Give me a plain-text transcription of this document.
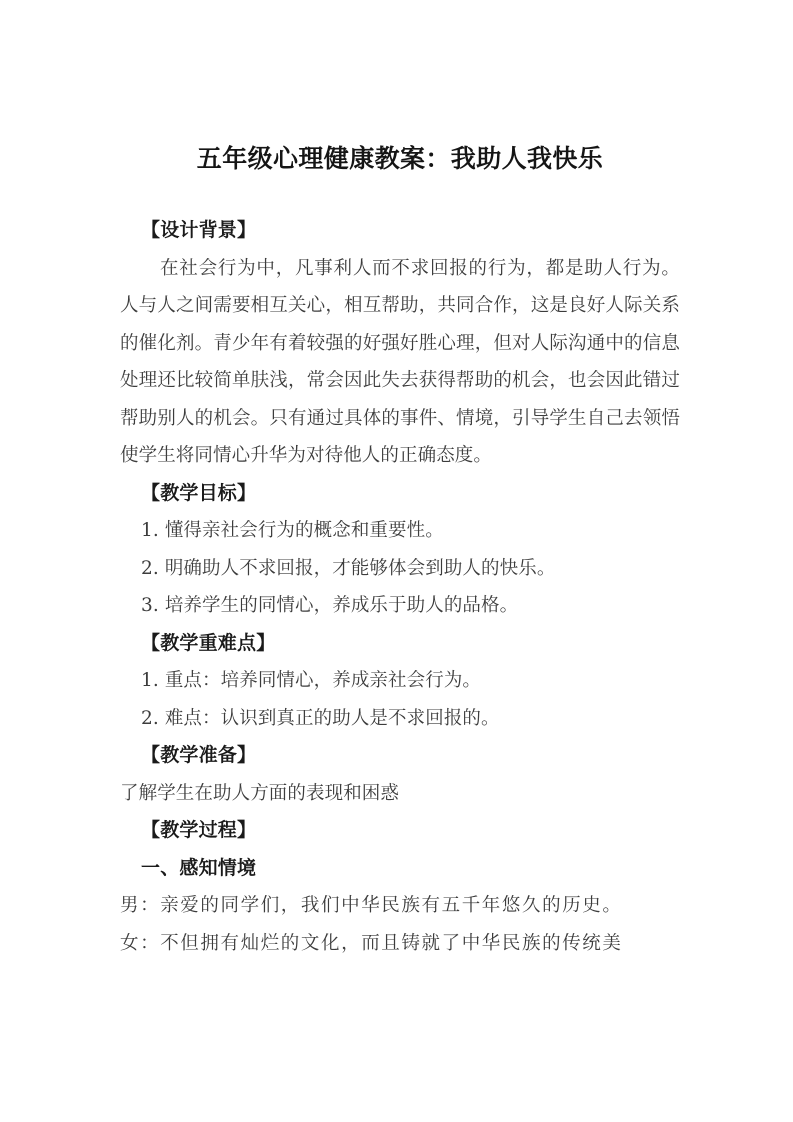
五年级心理健康教案：我助人我快乐
【设计背景】
在社会行为中，凡事利人而不求回报的行为，都是助人行为。人与人之间需要相互关心，相互帮助，共同合作，这是良好人际关系的催化剂。青少年有着较强的好强好胜心理，但对人际沟通中的信息处理还比较简单肤浅，常会因此失去获得帮助的机会，也会因此错过帮助别人的机会。只有通过具体的事件、情境，引导学生自己去领悟使学生将同情心升华为对待他人的正确态度。
【教学目标】
1. 懂得亲社会行为的概念和重要性。
2. 明确助人不求回报，才能够体会到助人的快乐。
3. 培养学生的同情心，养成乐于助人的品格。
【教学重难点】
1. 重点：培养同情心，养成亲社会行为。
2. 难点：认识到真正的助人是不求回报的。
【教学准备】
了解学生在助人方面的表现和困惑
【教学过程】
一、感知情境
男：亲爱的同学们，我们中华民族有五千年悠久的历史。
女：不但拥有灿烂的文化，而且铸就了中华民族的传统美
